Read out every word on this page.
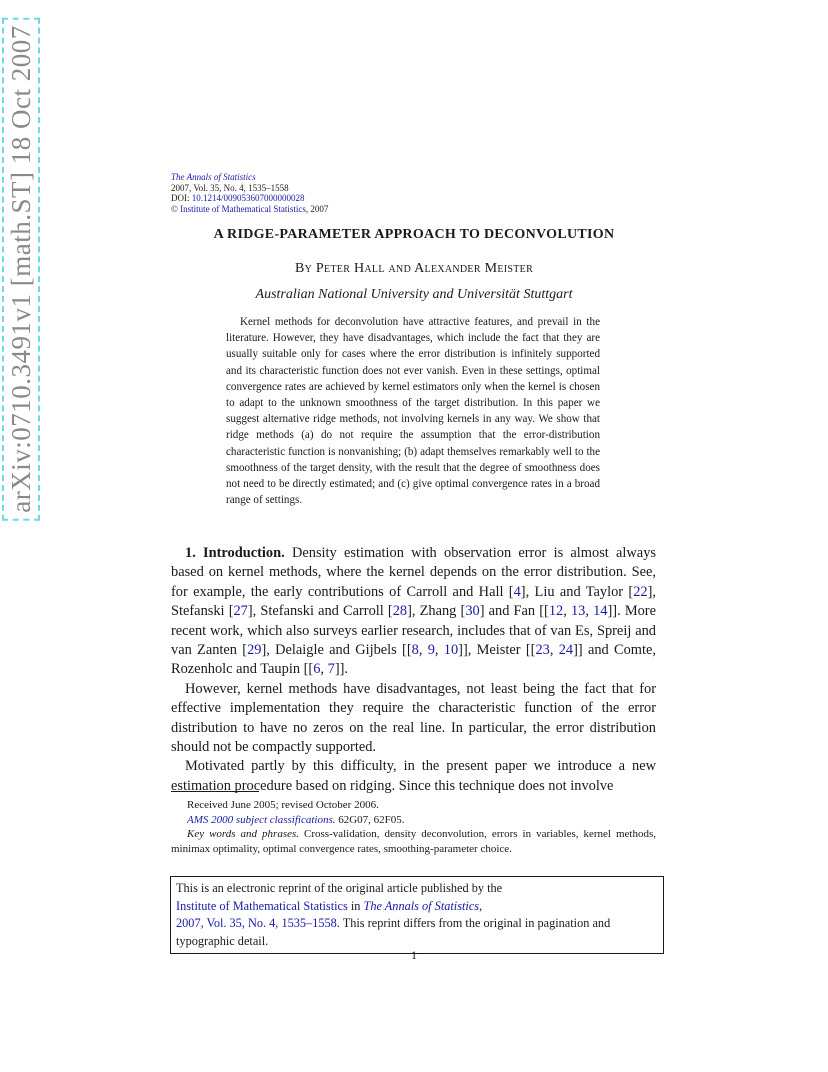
arXiv:0710.3491v1 [math.ST] 18 Oct 2007	The Annals of Statistics
2007, Vol. 35, No. 4, 1535–1558
DOI: 10.1214/009053607000000028
© Institute of Mathematical Statistics, 2007
A RIDGE-PARAMETER APPROACH TO DECONVOLUTION
By Peter Hall and Alexander Meister
Australian National University and Universität Stuttgart
Kernel methods for deconvolution have attractive features, and prevail in the literature. However, they have disadvantages, which include the fact that they are usually suitable only for cases where the error distribution is infinitely supported and its characteristic function does not ever vanish. Even in these settings, optimal convergence rates are achieved by kernel estimators only when the kernel is chosen to adapt to the unknown smoothness of the target distribution. In this paper we suggest alternative ridge methods, not involving kernels in any way. We show that ridge methods (a) do not require the assumption that the error-distribution characteristic function is nonvanishing; (b) adapt themselves remarkably well to the smoothness of the target density, with the result that the degree of smoothness does not need to be directly estimated; and (c) give optimal convergence rates in a broad range of settings.

1. Introduction. Density estimation with observation error is almost always based on kernel methods, where the kernel depends on the error distribution. See, for example, the early contributions of Carroll and Hall [4], Liu and Taylor [22], Stefanski [27], Stefanski and Carroll [28], Zhang [30] and Fan [[12, 13, 14]]. More recent work, which also surveys earlier research, includes that of van Es, Spreij and van Zanten [29], Delaigle and Gijbels [[8, 9, 10]], Meister [[23, 24]] and Comte, Rozenholc and Taupin [[6, 7]].

However, kernel methods have disadvantages, not least being the fact that for effective implementation they require the characteristic function of the error distribution to have no zeros on the real line. In particular, the error distribution should not be compactly supported.

Motivated partly by this difficulty, in the present paper we introduce a new estimation procedure based on ridging. Since this technique does not involve

Received June 2005; revised October 2006.

AMS 2000 subject classifications. 62G07, 62F05.

Key words and phrases. Cross-validation, density deconvolution, errors in variables, kernel methods, minimax optimality, optimal convergence rates, smoothing-parameter choice.

This is an electronic reprint of the original article published by the
Institute of Mathematical Statistics in The Annals of Statistics,
2007, Vol. 35, No. 4, 1535–1558. This reprint differs from the original in pagination and typographic detail.
1
